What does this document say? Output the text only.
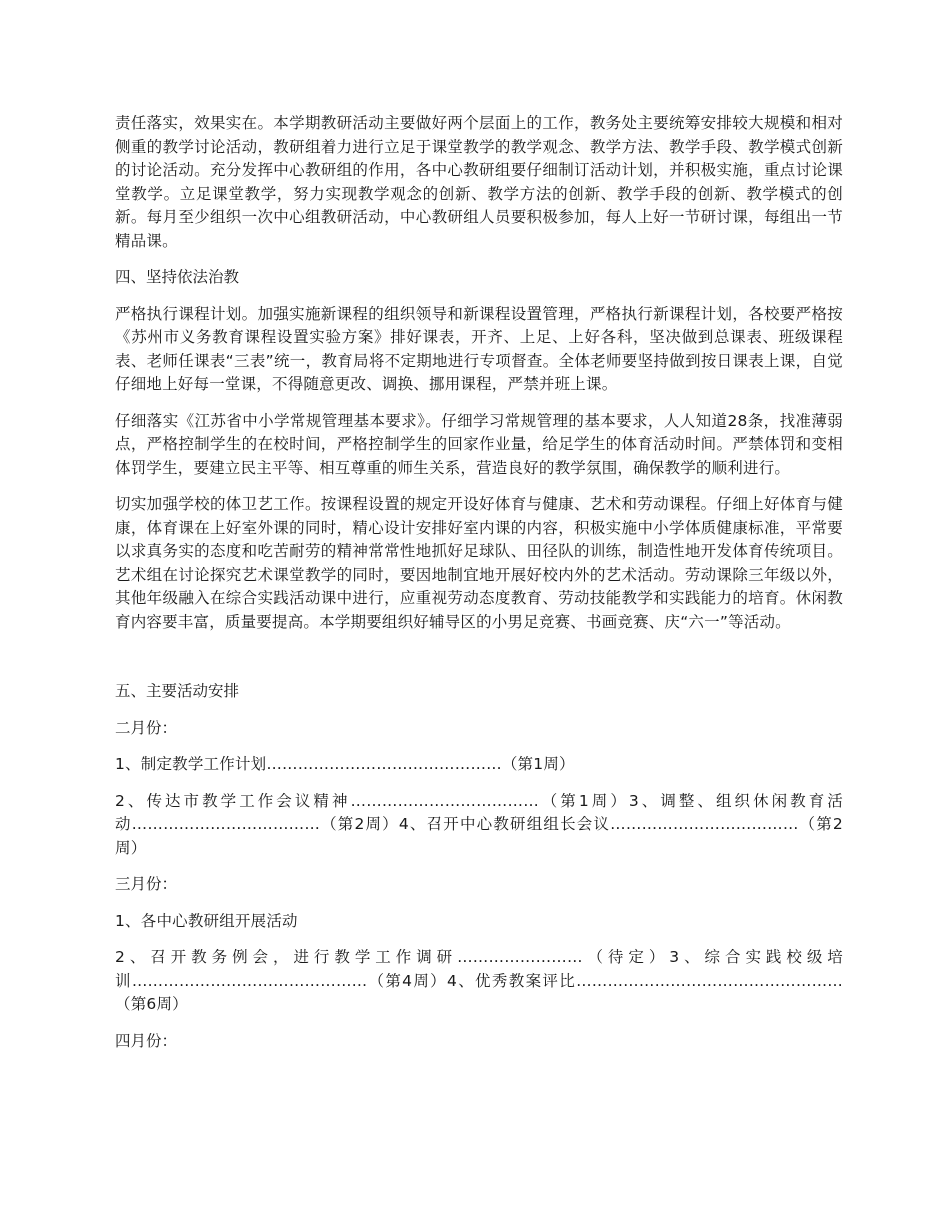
责任落实，效果实在。本学期教研活动主要做好两个层面上的工作，教务处主要统筹安排较大规模和相对侧重的教学讨论活动，教研组着力进行立足于课堂教学的教学观念、教学方法、教学手段、教学模式创新的讨论活动。充分发挥中心教研组的作用，各中心教研组要仔细制订活动计划，并积极实施，重点讨论课堂教学。立足课堂教学，努力实现教学观念的创新、教学方法的创新、教学手段的创新、教学模式的创新。每月至少组织一次中心组教研活动，中心教研组人员要积极参加，每人上好一节研讨课，每组出一节精品课。

四、坚持依法治教

严格执行课程计划。加强实施新课程的组织领导和新课程设置管理，严格执行新课程计划，各校要严格按《苏州市义务教育课程设置实验方案》排好课表，开齐、上足、上好各科，坚决做到总课表、班级课程表、老师任课表“三表”统一，教育局将不定期地进行专项督查。全体老师要坚持做到按日课表上课，自觉仔细地上好每一堂课，不得随意更改、调换、挪用课程，严禁并班上课。

仔细落实《江苏省中小学常规管理基本要求》。仔细学习常规管理的基本要求，人人知道28条，找准薄弱点，严格控制学生的在校时间，严格控制学生的回家作业量，给足学生的体育活动时间。严禁体罚和变相体罚学生，要建立民主平等、相互尊重的师生关系，营造良好的教学氛围，确保教学的顺利进行。

切实加强学校的体卫艺工作。按课程设置的规定开设好体育与健康、艺术和劳动课程。仔细上好体育与健康，体育课在上好室外课的同时，精心设计安排好室内课的内容，积极实施中小学体质健康标准，平常要以求真务实的态度和吃苦耐劳的精神常常性地抓好足球队、田径队的训练，制造性地开发体育传统项目。艺术组在讨论探究艺术课堂教学的同时，要因地制宜地开展好校内外的艺术活动。劳动课除三年级以外，其他年级融入在综合实践活动课中进行，应重视劳动态度教育、劳动技能教学和实践能力的培育。休闲教育内容要丰富，质量要提高。本学期要组织好辅导区的小男足竞赛、书画竞赛、庆“六一”等活动。

五、主要活动安排

二月份：

1、制定教学工作计划………………………………………（第1周）

2、传达市教学工作会议精神………………………………（第1周）3、调整、组织休闲教育活动………………………………（第2周）4、召开中心教研组组长会议………………………………（第2周）

三月份：

1、各中心教研组开展活动

2、召开教务例会，进行教学工作调研……………………（待定）3、综合实践校级培训………………………………………（第4周）4、优秀教案评比……………………………………………（第6周）

四月份：
